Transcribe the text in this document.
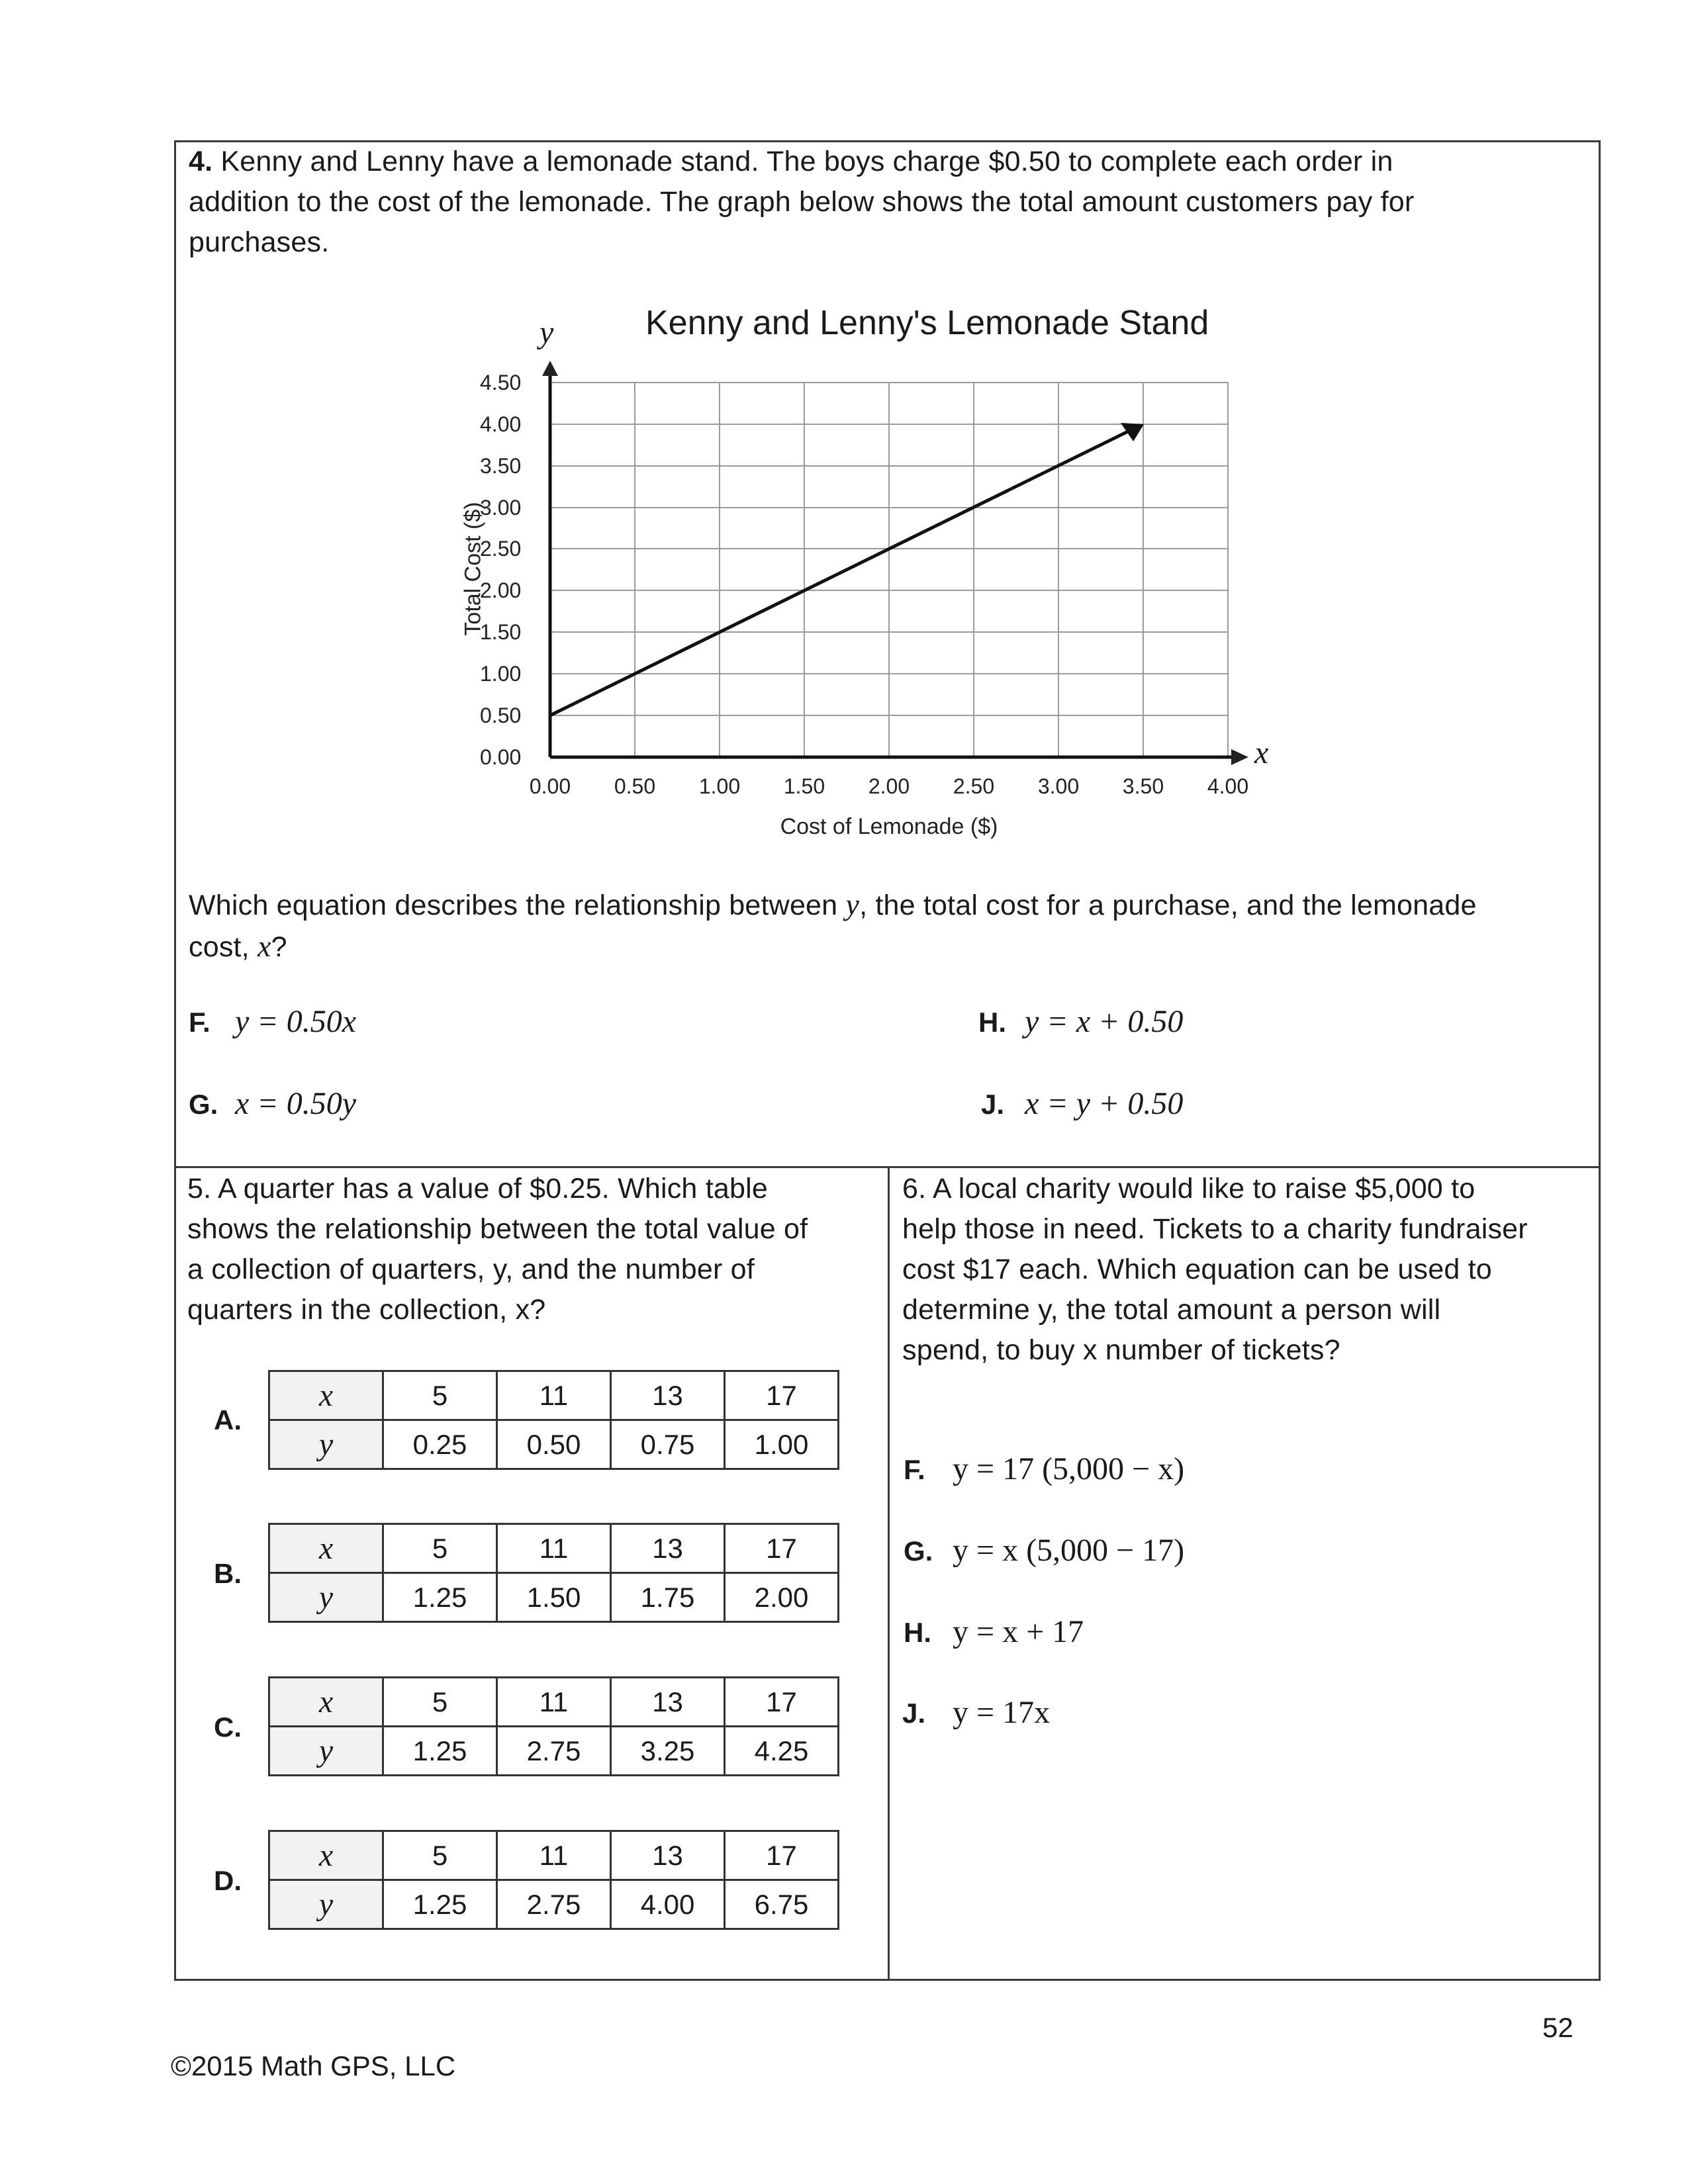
4. Kenny and Lenny have a lemonade stand. The boys charge $0.50 to complete each order in
addition to the cost of the lemonade. The graph below shows the total amount customers pay for
purchases.
Kenny and Lenny's Lemonade Stand
y
x
0.00
0.50
1.00
1.50
2.00
2.50
3.00
3.50
4.00
4.50
Total Cost ($)
0.00 0.50 1.00 1.50 2.00 2.50 3.00 3.50 4.00
Cost of Lemonade ($)
Which equation describes the relationship between y, the total cost for a purchase, and the lemonade
cost, x?
F. y = 0.50x
G. x = 0.50y
H. y = x + 0.50
J. x = y + 0.50
5. A quarter has a value of $0.25. Which table
shows the relationship between the total value of
a collection of quarters, y, and the number of
quarters in the collection, x?
A.
x	5	11	13	17
y	0.25	0.50	0.75	1.00
B.
x	5	11	13	17
y	1.25	1.50	1.75	2.00
C.
x	5	11	13	17
y	1.25	2.75	3.25	4.25
D.
x	5	11	13	17
y	1.25	2.75	4.00	6.75
6. A local charity would like to raise $5,000 to
help those in need. Tickets to a charity fundraiser
cost $17 each. Which equation can be used to
determine y, the total amount a person will
spend, to buy x number of tickets?
F. y = 17 (5,000 − x)
G. y = x (5,000 − 17)
H. y = x + 17
J. y = 17x
52
©2015 Math GPS, LLC
